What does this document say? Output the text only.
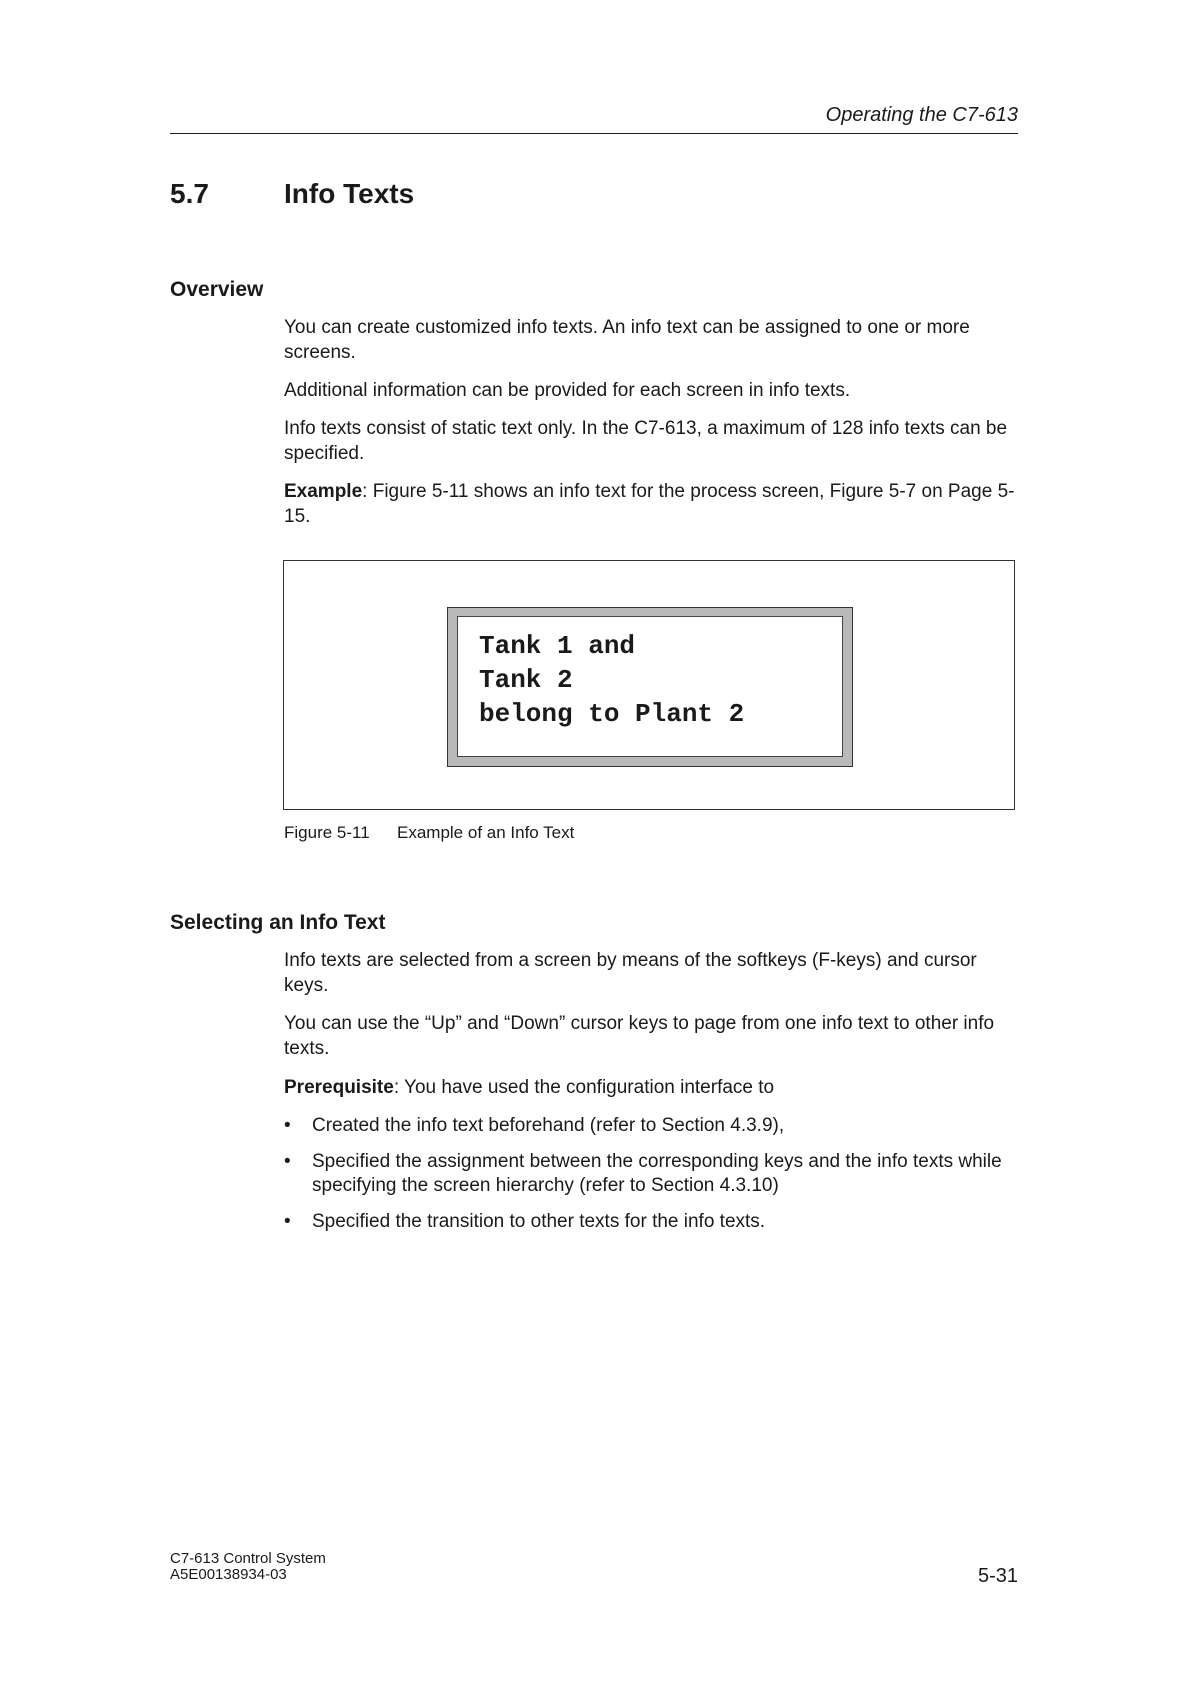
Operating the C7-613
5.7	Info Texts
Overview
You can create customized info texts. An info text can be assigned to one or more screens.
Additional information can be provided for each screen in info texts.
Info texts consist of static text only. In the C7-613, a maximum of 128 info texts can be specified.
Example: Figure 5-11 shows an info text for the process screen, Figure 5-7 on Page 5-15.
Tank 1 and
Tank 2
belong to Plant 2
Figure 5-11 Example of an Info Text
Selecting an Info Text
Info texts are selected from a screen by means of the softkeys (F-keys) and cursor keys.
You can use the “Up” and “Down” cursor keys to page from one info text to other info texts.
Prerequisite: You have used the configuration interface to
• Created the info text beforehand (refer to Section 4.3.9),
• Specified the assignment between the corresponding keys and the info texts while specifying the screen hierarchy (refer to Section 4.3.10)
• Specified the transition to other texts for the info texts.
C7-613 Control System
A5E00138934-03	5-31
